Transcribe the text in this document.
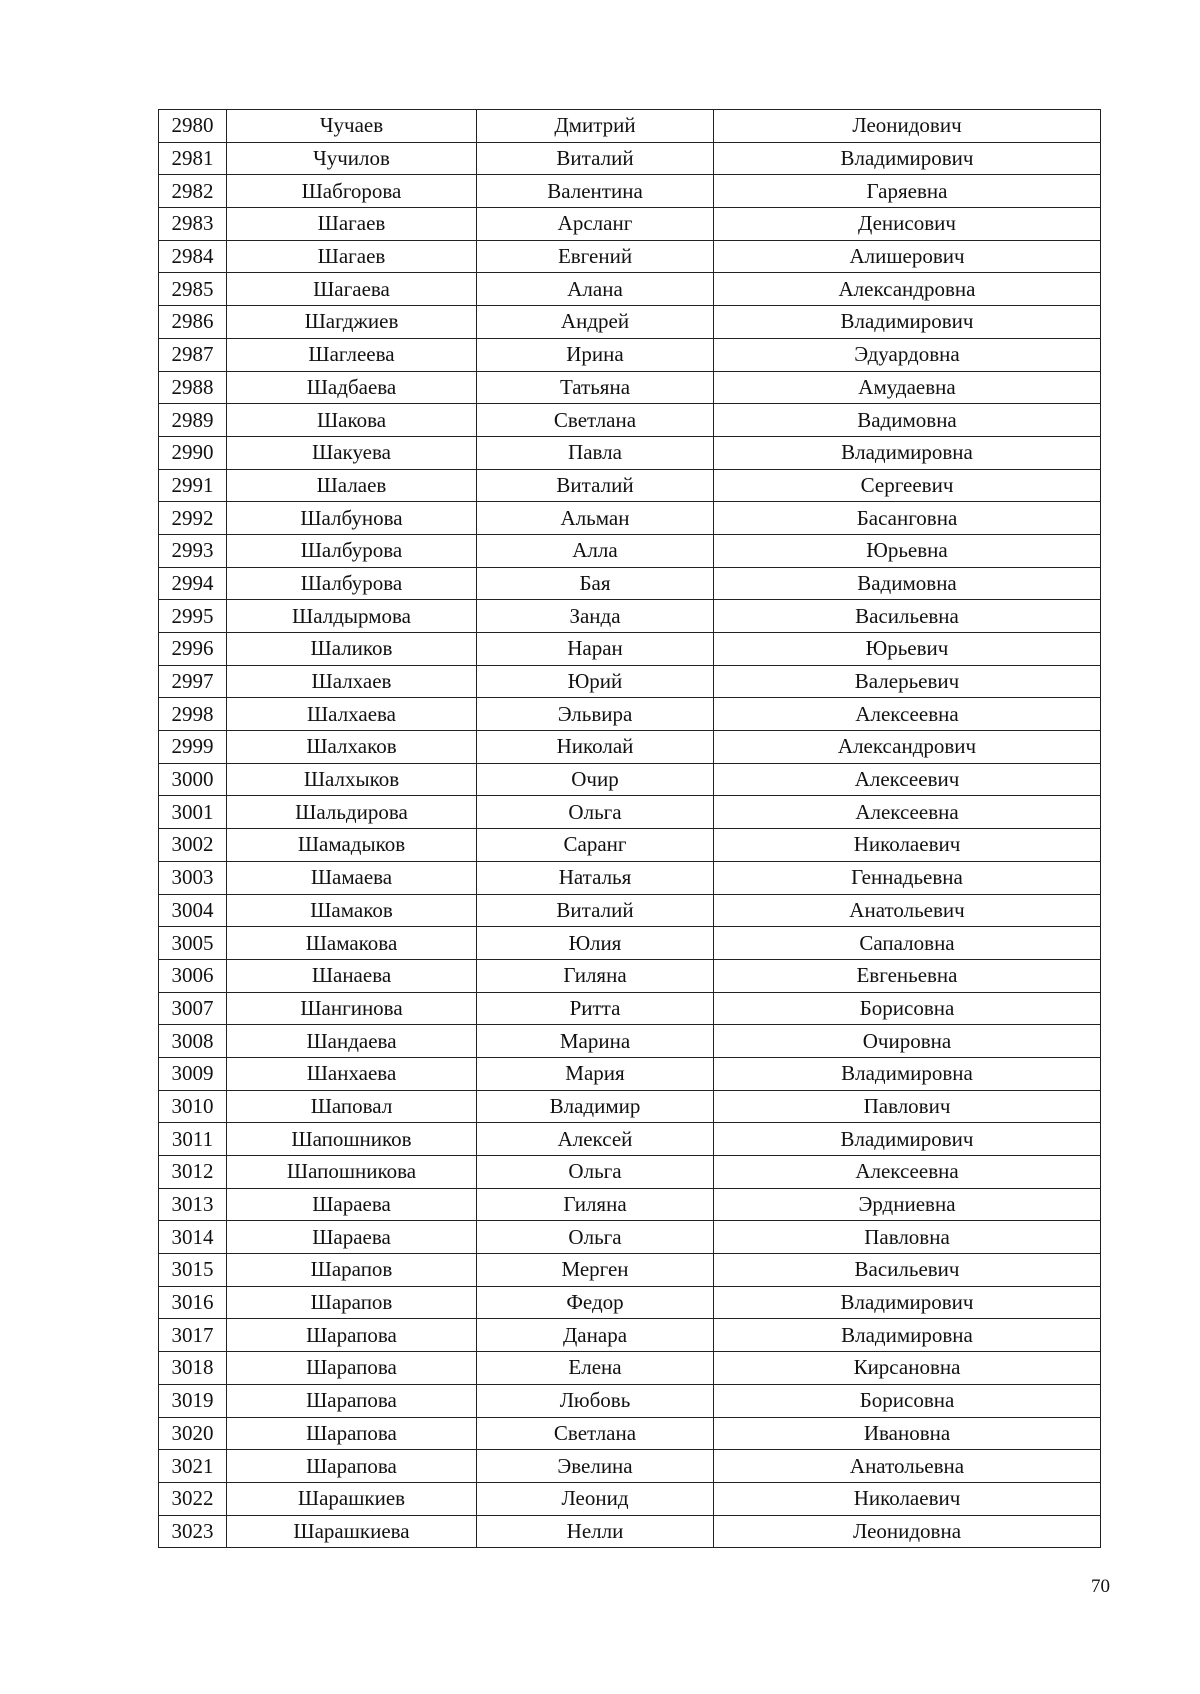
2980	Чучаев	Дмитрий	Леонидович
2981	Чучилов	Виталий	Владимирович
2982	Шабгорова	Валентина	Гаряевна
2983	Шагаев	Арсланг	Денисович
2984	Шагаев	Евгений	Алишерович
2985	Шагаева	Алана	Александровна
2986	Шагджиев	Андрей	Владимирович
2987	Шаглеева	Ирина	Эдуардовна
2988	Шадбаева	Татьяна	Амудаевна
2989	Шакова	Светлана	Вадимовна
2990	Шакуева	Павла	Владимировна
2991	Шалаев	Виталий	Сергеевич
2992	Шалбунова	Альман	Басанговна
2993	Шалбурова	Алла	Юрьевна
2994	Шалбурова	Бая	Вадимовна
2995	Шалдырмова	Занда	Васильевна
2996	Шаликов	Наран	Юрьевич
2997	Шалхаев	Юрий	Валерьевич
2998	Шалхаева	Эльвира	Алексеевна
2999	Шалхаков	Николай	Александрович
3000	Шалхыков	Очир	Алексеевич
3001	Шальдирова	Ольга	Алексеевна
3002	Шамадыков	Саранг	Николаевич
3003	Шамаева	Наталья	Геннадьевна
3004	Шамаков	Виталий	Анатольевич
3005	Шамакова	Юлия	Сапаловна
3006	Шанаева	Гиляна	Евгеньевна
3007	Шангинова	Ритта	Борисовна
3008	Шандаева	Марина	Очировна
3009	Шанхаева	Мария	Владимировна
3010	Шаповал	Владимир	Павлович
3011	Шапошников	Алексей	Владимирович
3012	Шапошникова	Ольга	Алексеевна
3013	Шараева	Гиляна	Эрдниевна
3014	Шараева	Ольга	Павловна
3015	Шарапов	Мерген	Васильевич
3016	Шарапов	Федор	Владимирович
3017	Шарапова	Данара	Владимировна
3018	Шарапова	Елена	Кирсановна
3019	Шарапова	Любовь	Борисовна
3020	Шарапова	Светлана	Ивановна
3021	Шарапова	Эвелина	Анатольевна
3022	Шарашкиев	Леонид	Николаевич
3023	Шарашкиева	Нелли	Леонидовна
70
